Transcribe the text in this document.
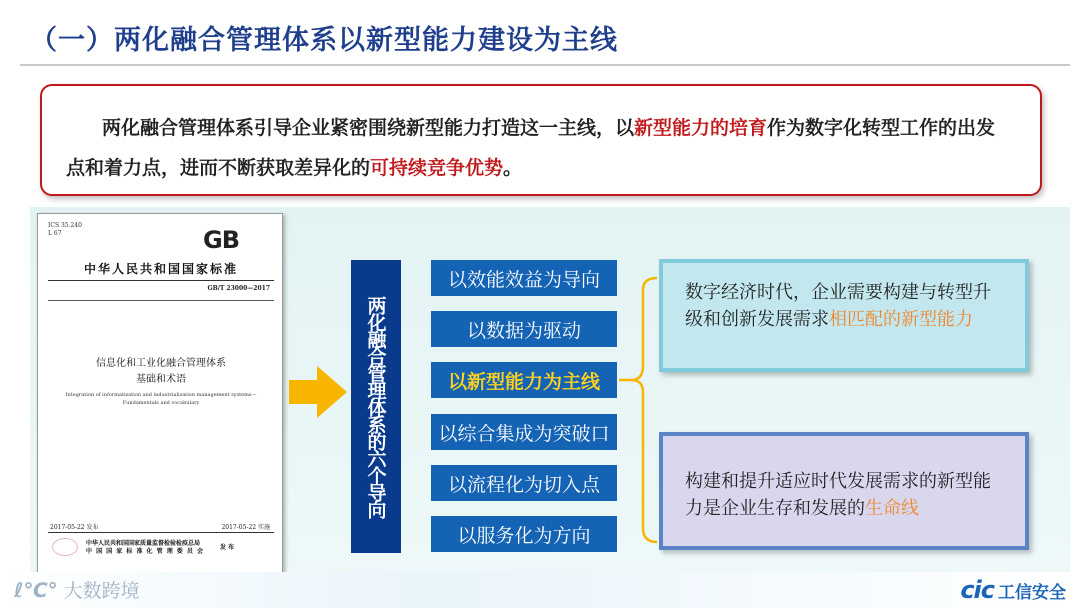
（一）两化融合管理体系以新型能力建设为主线

两化融合管理体系引导企业紧密围绕新型能力打造这一主线，以新型能力的培育作为数字化转型工作的出发点和着力点，进而不断获取差异化的可持续竞争优势。

ICS 35.240
L 67	GB
中华人民共和国国家标准
GB/T 23000—2017
信息化和工业化融合管理体系
基础和术语
Integration of informatization and industrialization management systems—
Fundamentals and vocabulary
2017-05-22 发布	2017-05-22 实施
中华人民共和国国家质量监督检验检疫总局
中 国 国 家 标 准 化 管 理 委 员 会
发 布
两化融合管理体系的六个导向
以效能效益为导向
以数据为驱动
以新型能力为主线
以综合集成为突破口
以流程化为切入点
以服务化为方向
数字经济时代，企业需要构建与转型升级和创新发展需求相匹配的新型能力
构建和提升适应时代发展需求的新型能力是企业生存和发展的生命线
ℓ℃° 大数跨境	cic 工信安全
